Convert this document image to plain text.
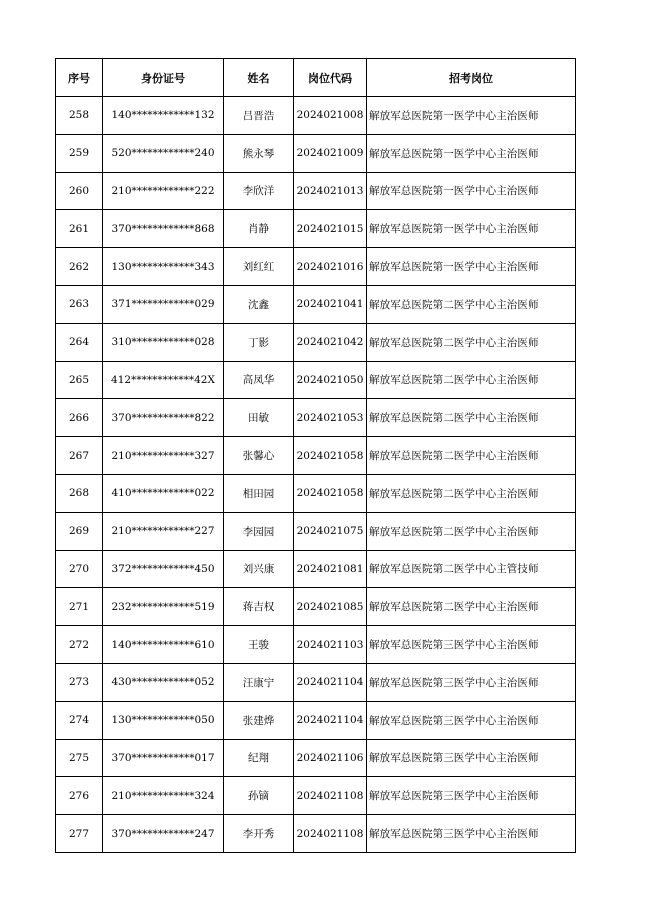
序号	身份证号	姓名	岗位代码	招考岗位
258	140************132	吕晋浩	2024021008	解放军总医院第一医学中心主治医师
259	520************240	熊永琴	2024021009	解放军总医院第一医学中心主治医师
260	210************222	李欣洋	2024021013	解放军总医院第一医学中心主治医师
261	370************868	肖静	2024021015	解放军总医院第一医学中心主治医师
262	130************343	刘红红	2024021016	解放军总医院第一医学中心主治医师
263	371************029	沈鑫	2024021041	解放军总医院第二医学中心主治医师
264	310************028	丁影	2024021042	解放军总医院第二医学中心主治医师
265	412************42X	高凤华	2024021050	解放军总医院第二医学中心主治医师
266	370************822	田敏	2024021053	解放军总医院第二医学中心主治医师
267	210************327	张馨心	2024021058	解放军总医院第二医学中心主治医师
268	410************022	相田园	2024021058	解放军总医院第二医学中心主治医师
269	210************227	李园园	2024021075	解放军总医院第二医学中心主治医师
270	372************450	刘兴康	2024021081	解放军总医院第二医学中心主管技师
271	232************519	蒋吉权	2024021085	解放军总医院第二医学中心主治医师
272	140************610	王骏	2024021103	解放军总医院第三医学中心主治医师
273	430************052	汪康宁	2024021104	解放军总医院第三医学中心主治医师
274	130************050	张建烨	2024021104	解放军总医院第三医学中心主治医师
275	370************017	纪翔	2024021106	解放军总医院第三医学中心主治医师
276	210************324	孙镝	2024021108	解放军总医院第三医学中心主治医师
277	370************247	李开秀	2024021108	解放军总医院第三医学中心主治医师
